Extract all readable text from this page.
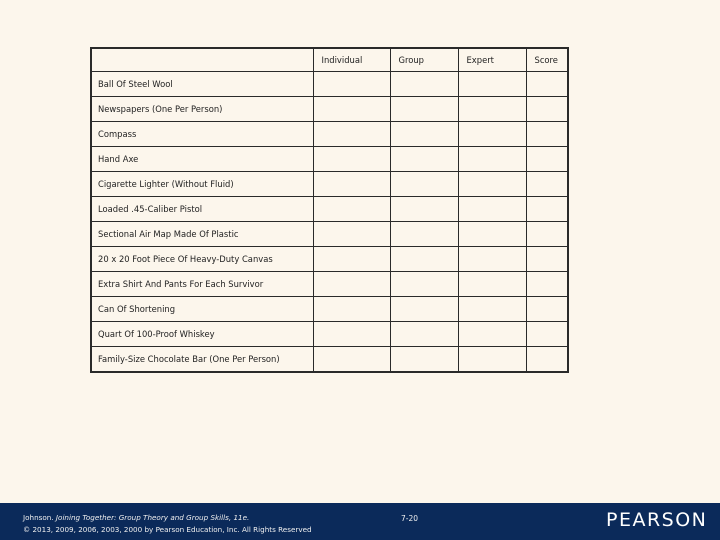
	Individual	Group	Expert	Score
Ball Of Steel Wool				
Newspapers (One Per Person)				
Compass				
Hand Axe				
Cigarette Lighter (Without Fluid)				
Loaded .45-Caliber Pistol				
Sectional Air Map Made Of Plastic				
20 x 20 Foot Piece Of Heavy-Duty Canvas				
Extra Shirt And Pants For Each Survivor				
Can Of Shortening				
Quart Of 100-Proof Whiskey				
Family-Size Chocolate Bar (One Per Person)				
Johnson. Joining Together: Group Theory and Group Skills, 11e.
© 2013, 2009, 2006, 2003, 2000 by Pearson Education, Inc. All Rights Reserved
7-20	PEARSON
